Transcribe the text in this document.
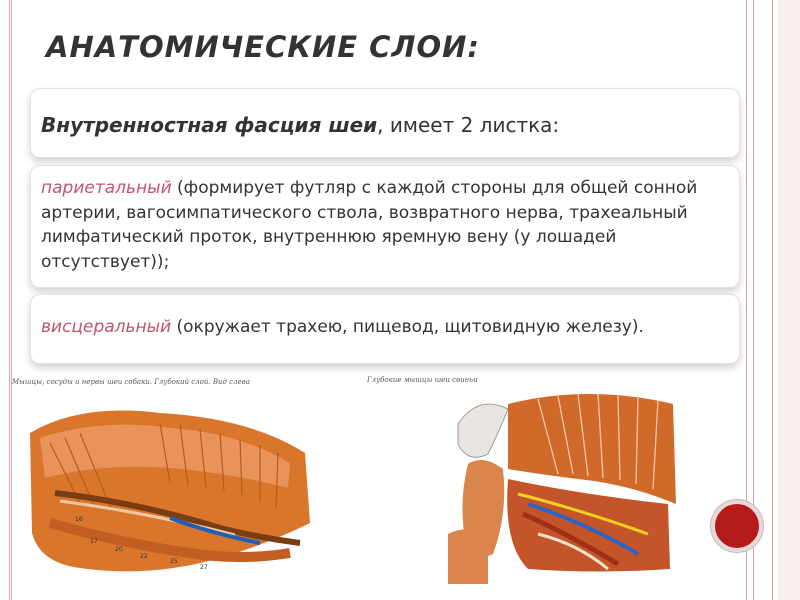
АНАТОМИЧЕСКИЕ СЛОИ:
Внутренностная фасция шеи, имеет 2 листка:
париетальный (формирует футляр с каждой стороны для общей сонной артерии, вагосимпатического ствола, возвратного нерва, трахеальный лимфатический проток, внутреннюю яремную вену (у лошадей отсутствует));
висцеральный (окружает трахею, пищевод, щитовидную железу).
Мышцы, сосуды и нервы шеи собаки. Глубокий слой. Вид слева	Глубокие мышцы шеи свиньи
16
17
20
22
25
27
